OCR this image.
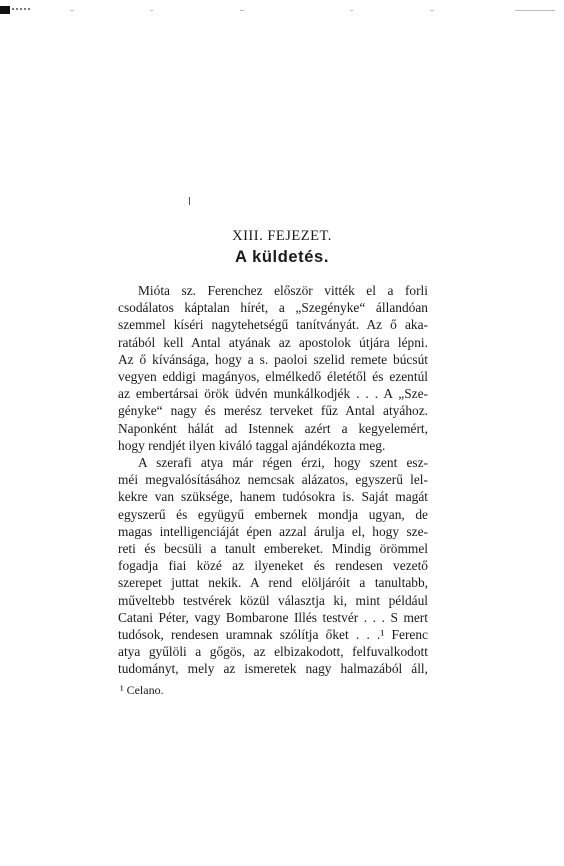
XIII. FEJEZET.
A küldetés.
Mióta sz. Ferenchez először vitték el a forli
csodálatos káptalan hírét, a „Szegényke“ állandóan
szemmel kíséri nagytehetségű tanítványát. Az ő aka-
ratából kell Antal atyának az apostolok útjára lépni.
Az ő kívánsága, hogy a s. paoloi szelid remete búcsút
vegyen eddigi magányos, elmélkedő életétől és ezentúl
az embertársai örök üdvén munkálkodjék . . . A „Sze-
gényke“ nagy és merész terveket fűz Antal atyához.
Naponként hálát ad Istennek azért a kegyelemért,
hogy rendjét ilyen kiváló taggal ajándékozta meg.
A szerafi atya már régen érzi, hogy szent esz-
méi megvalósításához nemcsak alázatos, egyszerű lel-
kekre van szüksége, hanem tudósokra is. Saját magát
egyszerű és együgyű embernek mondja ugyan, de
magas intelligenciáját épen azzal árulja el, hogy sze-
reti és becsüli a tanult embereket. Mindig örömmel
fogadja fiai közé az ilyeneket és rendesen vezető
szerepet juttat nekik. A rend elöljáróit a tanultabb,
műveltebb testvérek közül választja ki, mint például
Catani Péter, vagy Bombarone Illés testvér . . . S mert
tudósok, rendesen uramnak szólítja őket . . .¹ Ferenc
atya gyűlöli a gőgös, az elbizakodott, felfuvalkodott
tudományt, mely az ismeretek nagy halmazából áll,

¹ Celano.
